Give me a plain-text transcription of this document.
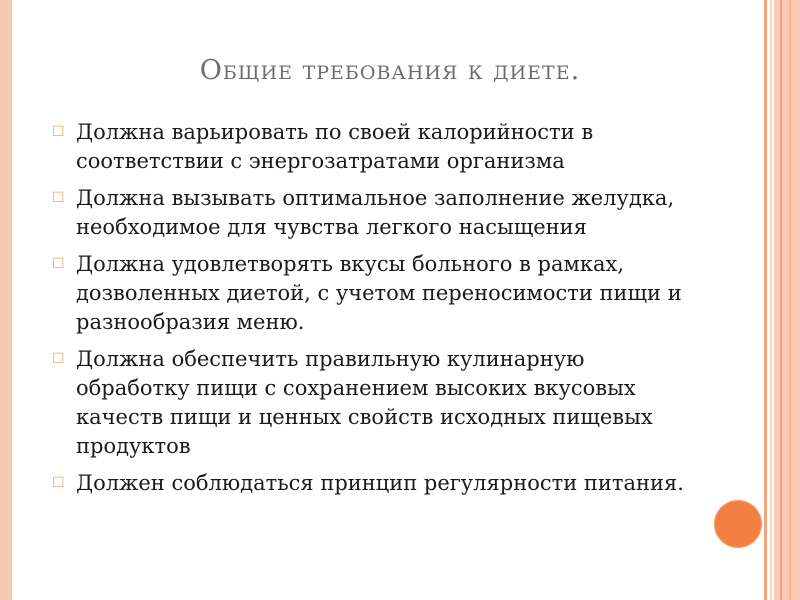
Общие требования к диете.
☐ Должна варьировать по своей калорийности в соответствии с энергозатратами организма
☐ Должна вызывать оптимальное заполнение желудка, необходимое для чувства легкого насыщения
☐ Должна удовлетворять вкусы больного в рамках, дозволенных диетой, с учетом переносимости пищи и разнообразия меню.
☐ Должна обеспечить правильную кулинарную обработку пищи с сохранением высоких вкусовых качеств пищи и ценных свойств исходных пищевых продуктов
☐ Должен соблюдаться принцип регулярности питания.
